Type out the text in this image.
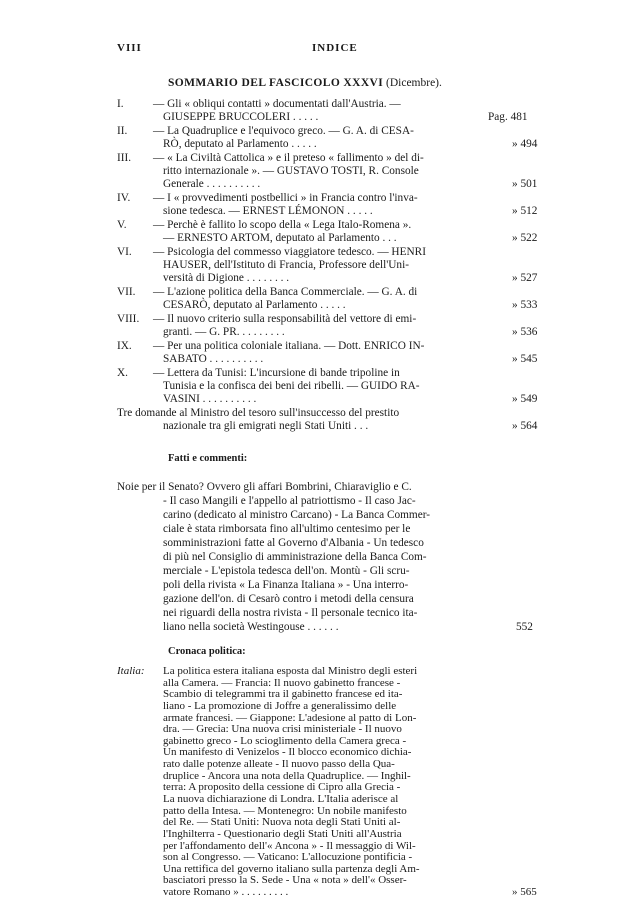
VIII	INDICE
SOMMARIO DEL FASCICOLO XXXVI (Dicembre).
I.	— Gli « obliqui contatti » documentati dall'Austria. —
GIUSEPPE BRUCCOLERI . . . . .	Pag. 481
II. — La Quadruplice e l'equivoco greco. — G. A. di CESA-
RÒ, deputato al Parlamento . . . . .	» 494
III. — « La Civiltà Cattolica » e il preteso « fallimento » del di-
ritto internazionale ». — GUSTAVO TOSTI, R. Console
Generale . . . . . . . . . .	» 501
IV. — I « provvedimenti postbellici » in Francia contro l'inva-
sione tedesca. — ERNEST LÉMONON . . . . .	» 512
V. — Perchè è fallito lo scopo della « Lega Italo-Romena ».
— ERNESTO ARTOM, deputato al Parlamento . . .	» 522
VI. — Psicologia del commesso viaggiatore tedesco. — HENRI
HAUSER, dell'Istituto di Francia, Professore dell'Uni-
versità di Digione . . . . . . . .	» 527
VII. — L'azione politica della Banca Commerciale. — G. A. di
CESARÒ, deputato al Parlamento . . . . .	» 533
VIII. — Il nuovo criterio sulla responsabilità del vettore di emi-
granti. — G. PR. . . . . . . . .	» 536
IX. — Per una politica coloniale italiana. — Dott. ENRICO IN-
SABATO . . . . . . . . . .	» 545
X. — Lettera da Tunisi: L'incursione di bande tripoline in
Tunisia e la confisca dei beni dei ribelli. — GUIDO RA-
VASINI . . . . . . . . . .	» 549
Tre domande al Ministro del tesoro sull'insuccesso del prestito
nazionale tra gli emigrati negli Stati Uniti . . .	» 564
Fatti e commenti:
Noie per il Senato? Ovvero gli affari Bombrini, Chiaraviglio e C.
- Il caso Mangili e l'appello al patriottismo - Il caso Jac-
carino (dedicato al ministro Carcano) - La Banca Commer-
ciale è stata rimborsata fino all'ultimo centesimo per le
somministrazioni fatte al Governo d'Albania - Un tedesco
di più nel Consiglio di amministrazione della Banca Com-
merciale - L'epistola tedesca dell'on. Montù - Gli scru-
poli della rivista « La Finanza Italiana » - Una interro-
gazione dell'on. di Cesarò contro i metodi della censura
nei riguardi della nostra rivista - Il personale tecnico ita-
liano nella società Westingouse . . . . . .	552
Cronaca politica:
Italia: La politica estera italiana esposta dal Ministro degli esteri
alla Camera. — Francia: Il nuovo gabinetto francese -
Scambio di telegrammi tra il gabinetto francese ed ita-
liano - La promozione di Joffre a generalissimo delle
armate francesi. — Giappone: L'adesione al patto di Lon-
dra. — Grecia: Una nuova crisi ministeriale - Il nuovo
gabinetto greco - Lo scioglimento della Camera greca -
Un manifesto di Venizelos - Il blocco economico dichia-
rato dalle potenze alleate - Il nuovo passo della Qua-
druplice - Ancora una nota della Quadruplice. — Inghil-
terra: A proposito della cessione di Cipro alla Grecia -
La nuova dichiarazione di Londra. L'Italia aderisce al
patto della Intesa. — Montenegro: Un nobile manifesto
del Re. — Stati Uniti: Nuova nota degli Stati Uniti al-
l'Inghilterra - Questionario degli Stati Uniti all'Austria
per l'affondamento dell'« Ancona » - Il messaggio di Wil-
son al Congresso. — Vaticano: L'allocuzione pontificia -
Una rettifica del governo italiano sulla partenza degli Am-
basciatori presso la S. Sede - Una « nota » dell'« Osser-
vatore Romano » . . . . . . . . .	» 565
